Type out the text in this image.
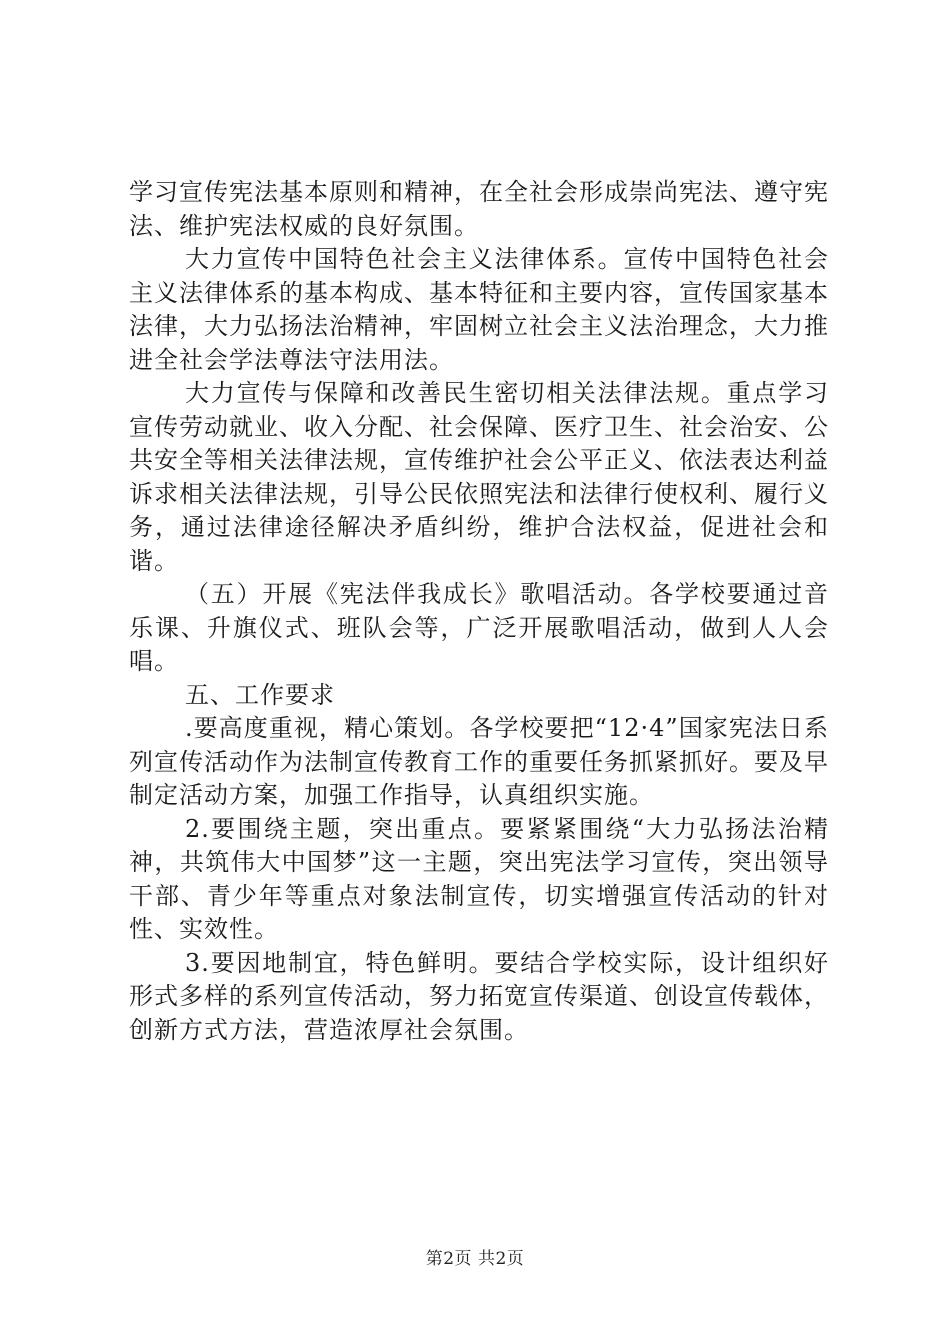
学习宣传宪法基本原则和精神，在全社会形成崇尚宪法、遵守宪法、维护宪法权威的良好氛围。

大力宣传中国特色社会主义法律体系。宣传中国特色社会主义法律体系的基本构成、基本特征和主要内容，宣传国家基本法律，大力弘扬法治精神，牢固树立社会主义法治理念，大力推进全社会学法尊法守法用法。

大力宣传与保障和改善民生密切相关法律法规。重点学习宣传劳动就业、收入分配、社会保障、医疗卫生、社会治安、公共安全等相关法律法规，宣传维护社会公平正义、依法表达利益诉求相关法律法规，引导公民依照宪法和法律行使权利、履行义务，通过法律途径解决矛盾纠纷，维护合法权益，促进社会和谐。

（五）开展《宪法伴我成长》歌唱活动。各学校要通过音乐课、升旗仪式、班队会等，广泛开展歌唱活动，做到人人会唱。

五、工作要求

.要高度重视，精心策划。各学校要把“12·4”国家宪法日系列宣传活动作为法制宣传教育工作的重要任务抓紧抓好。要及早制定活动方案，加强工作指导，认真组织实施。

2.要围绕主题，突出重点。要紧紧围绕“大力弘扬法治精神，共筑伟大中国梦”这一主题，突出宪法学习宣传，突出领导干部、青少年等重点对象法制宣传，切实增强宣传活动的针对性、实效性。

3.要因地制宜，特色鲜明。要结合学校实际，设计组织好形式多样的系列宣传活动，努力拓宽宣传渠道、创设宣传载体，创新方式方法，营造浓厚社会氛围。

第2页 共2页
